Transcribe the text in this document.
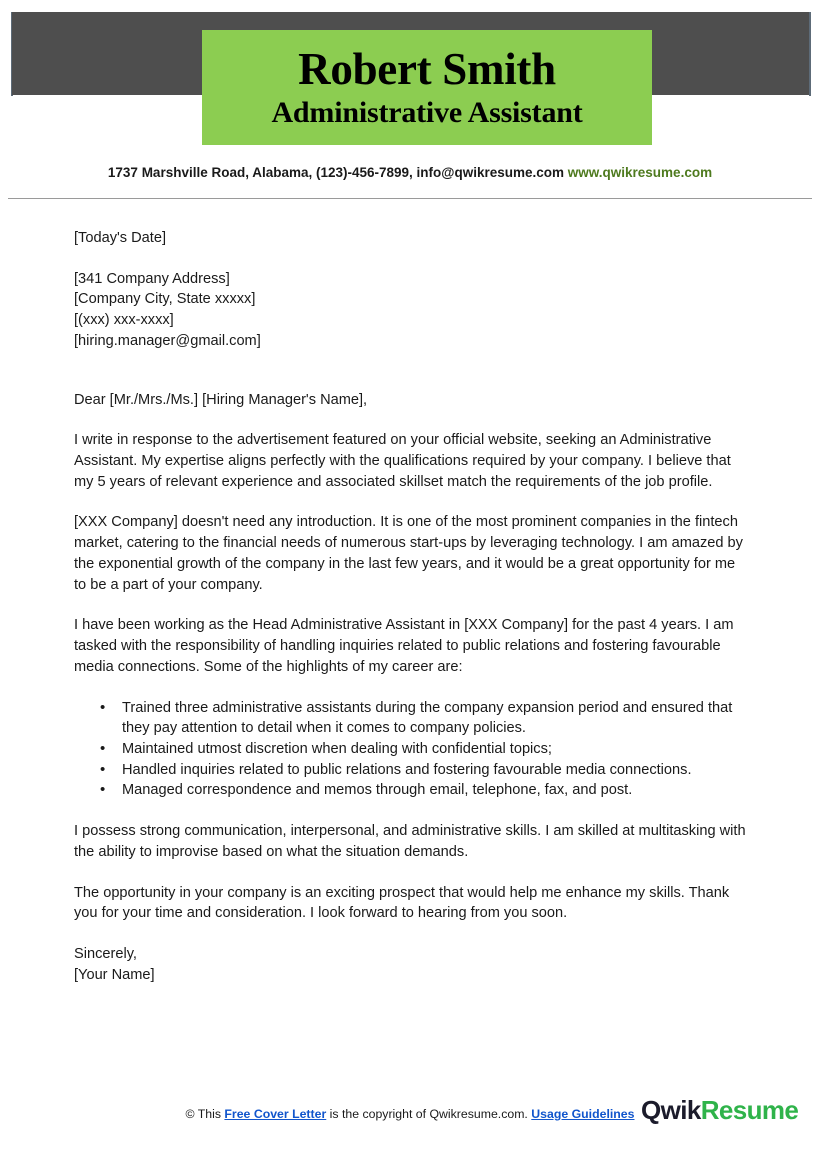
Robert Smith
Administrative Assistant
1737 Marshville Road, Alabama, (123)-456-7899, info@qwikresume.com www.qwikresume.com
[Today's Date]
[341 Company Address]
[Company City, State xxxxx]
[(xxx) xxx-xxxx]
[hiring.manager@gmail.com]

Dear [Mr./Mrs./Ms.] [Hiring Manager's Name],

I write in response to the advertisement featured on your official website, seeking an Administrative Assistant. My expertise aligns perfectly with the qualifications required by your company. I believe that my 5 years of relevant experience and associated skillset match the requirements of the job profile.

[XXX Company] doesn't need any introduction. It is one of the most prominent companies in the fintech market, catering to the financial needs of numerous start-ups by leveraging technology. I am amazed by the exponential growth of the company in the last few years, and it would be a great opportunity for me to be a part of your company.

I have been working as the Head Administrative Assistant in [XXX Company] for the past 4 years. I am tasked with the responsibility of handling inquiries related to public relations and fostering favourable media connections. Some of the highlights of my career are:

• Trained three administrative assistants during the company expansion period and ensured that they pay attention to detail when it comes to company policies.
• Maintained utmost discretion when dealing with confidential topics;
• Handled inquiries related to public relations and fostering favourable media connections.
• Managed correspondence and memos through email, telephone, fax, and post.

I possess strong communication, interpersonal, and administrative skills. I am skilled at multitasking with the ability to improvise based on what the situation demands.

The opportunity in your company is an exciting prospect that would help me enhance my skills. Thank you for your time and consideration. I look forward to hearing from you soon.

Sincerely,
[Your Name]
© This Free Cover Letter is the copyright of Qwikresume.com. Usage Guidelines QwikResume
